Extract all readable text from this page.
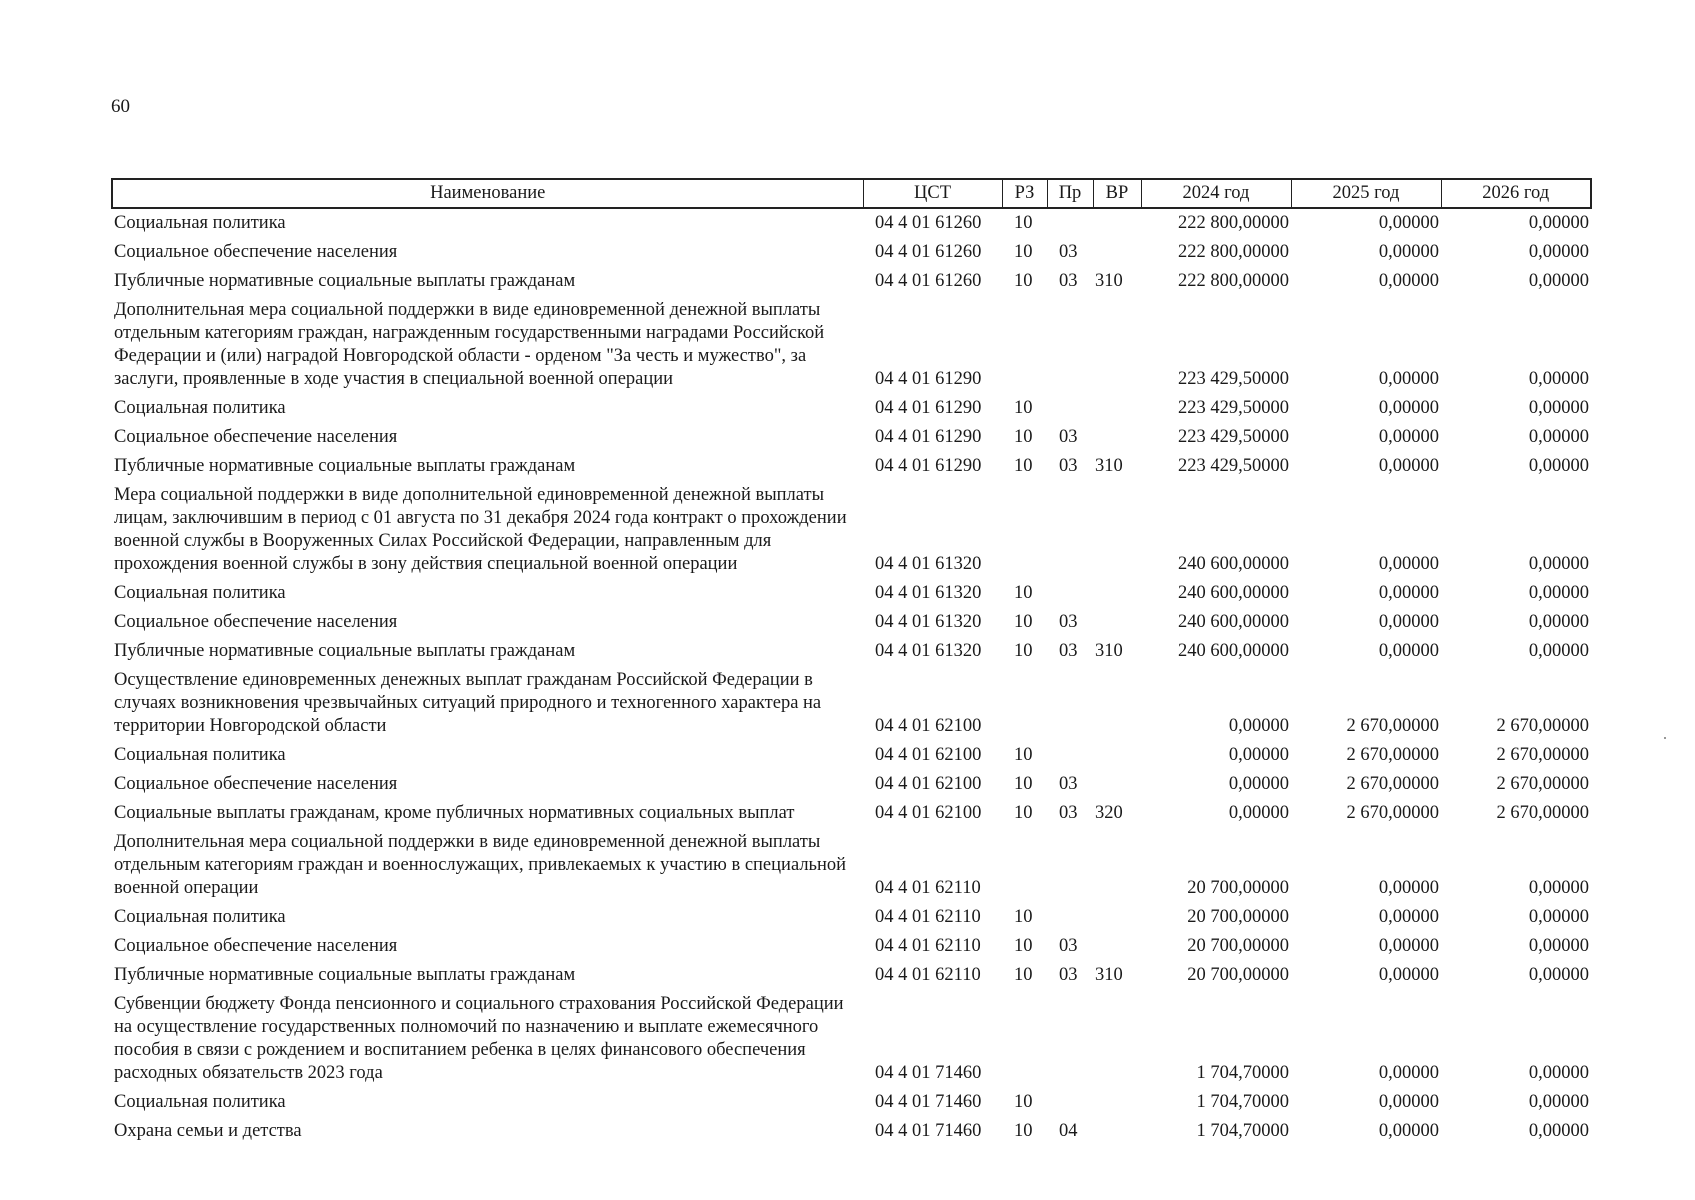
60
Наименование	ЦСТ	РЗ	Пр	ВР	2024 год	2025 год	2026 год
Социальная политика	04 4 01 61260	10			222 800,00000	0,00000	0,00000
Социальное обеспечение населения	04 4 01 61260	10	03		222 800,00000	0,00000	0,00000
Публичные нормативные социальные выплаты гражданам	04 4 01 61260	10	03	310	222 800,00000	0,00000	0,00000
Дополнительная мера социальной поддержки в виде единовременной денежной выплаты отдельным категориям граждан, награжденным государственными наградами Российской Федерации и (или) наградой Новгородской области - орденом "За честь и мужество", за заслуги, проявленные в ходе участия в специальной военной операции	04 4 01 61290				223 429,50000	0,00000	0,00000
Социальная политика	04 4 01 61290	10			223 429,50000	0,00000	0,00000
Социальное обеспечение населения	04 4 01 61290	10	03		223 429,50000	0,00000	0,00000
Публичные нормативные социальные выплаты гражданам	04 4 01 61290	10	03	310	223 429,50000	0,00000	0,00000
Мера социальной поддержки в виде дополнительной единовременной денежной выплаты лицам, заключившим в период с 01 августа по 31 декабря 2024 года контракт о прохождении военной службы в Вооруженных Силах Российской Федерации, направленным для прохождения военной службы в зону действия специальной военной операции	04 4 01 61320				240 600,00000	0,00000	0,00000
Социальная политика	04 4 01 61320	10			240 600,00000	0,00000	0,00000
Социальное обеспечение населения	04 4 01 61320	10	03		240 600,00000	0,00000	0,00000
Публичные нормативные социальные выплаты гражданам	04 4 01 61320	10	03	310	240 600,00000	0,00000	0,00000
Осуществление единовременных денежных выплат гражданам Российской Федерации в случаях возникновения чрезвычайных ситуаций природного и техногенного характера на территории Новгородской области	04 4 01 62100				0,00000	2 670,00000	2 670,00000
Социальная политика	04 4 01 62100	10			0,00000	2 670,00000	2 670,00000
Социальное обеспечение населения	04 4 01 62100	10	03		0,00000	2 670,00000	2 670,00000
Социальные выплаты гражданам, кроме публичных нормативных социальных выплат	04 4 01 62100	10	03	320	0,00000	2 670,00000	2 670,00000
Дополнительная мера социальной поддержки в виде единовременной денежной выплаты отдельным категориям граждан и военнослужащих, привлекаемых к участию в специальной военной операции	04 4 01 62110				20 700,00000	0,00000	0,00000
Социальная политика	04 4 01 62110	10			20 700,00000	0,00000	0,00000
Социальное обеспечение населения	04 4 01 62110	10	03		20 700,00000	0,00000	0,00000
Публичные нормативные социальные выплаты гражданам	04 4 01 62110	10	03	310	20 700,00000	0,00000	0,00000
Субвенции бюджету Фонда пенсионного и социального страхования Российской Федерации на осуществление государственных полномочий по назначению и выплате ежемесячного пособия в связи с рождением и воспитанием ребенка в целях финансового обеспечения расходных обязательств 2023 года	04 4 01 71460				1 704,70000	0,00000	0,00000
Социальная политика	04 4 01 71460	10			1 704,70000	0,00000	0,00000
Охрана семьи и детства	04 4 01 71460	10	04		1 704,70000	0,00000	0,00000
